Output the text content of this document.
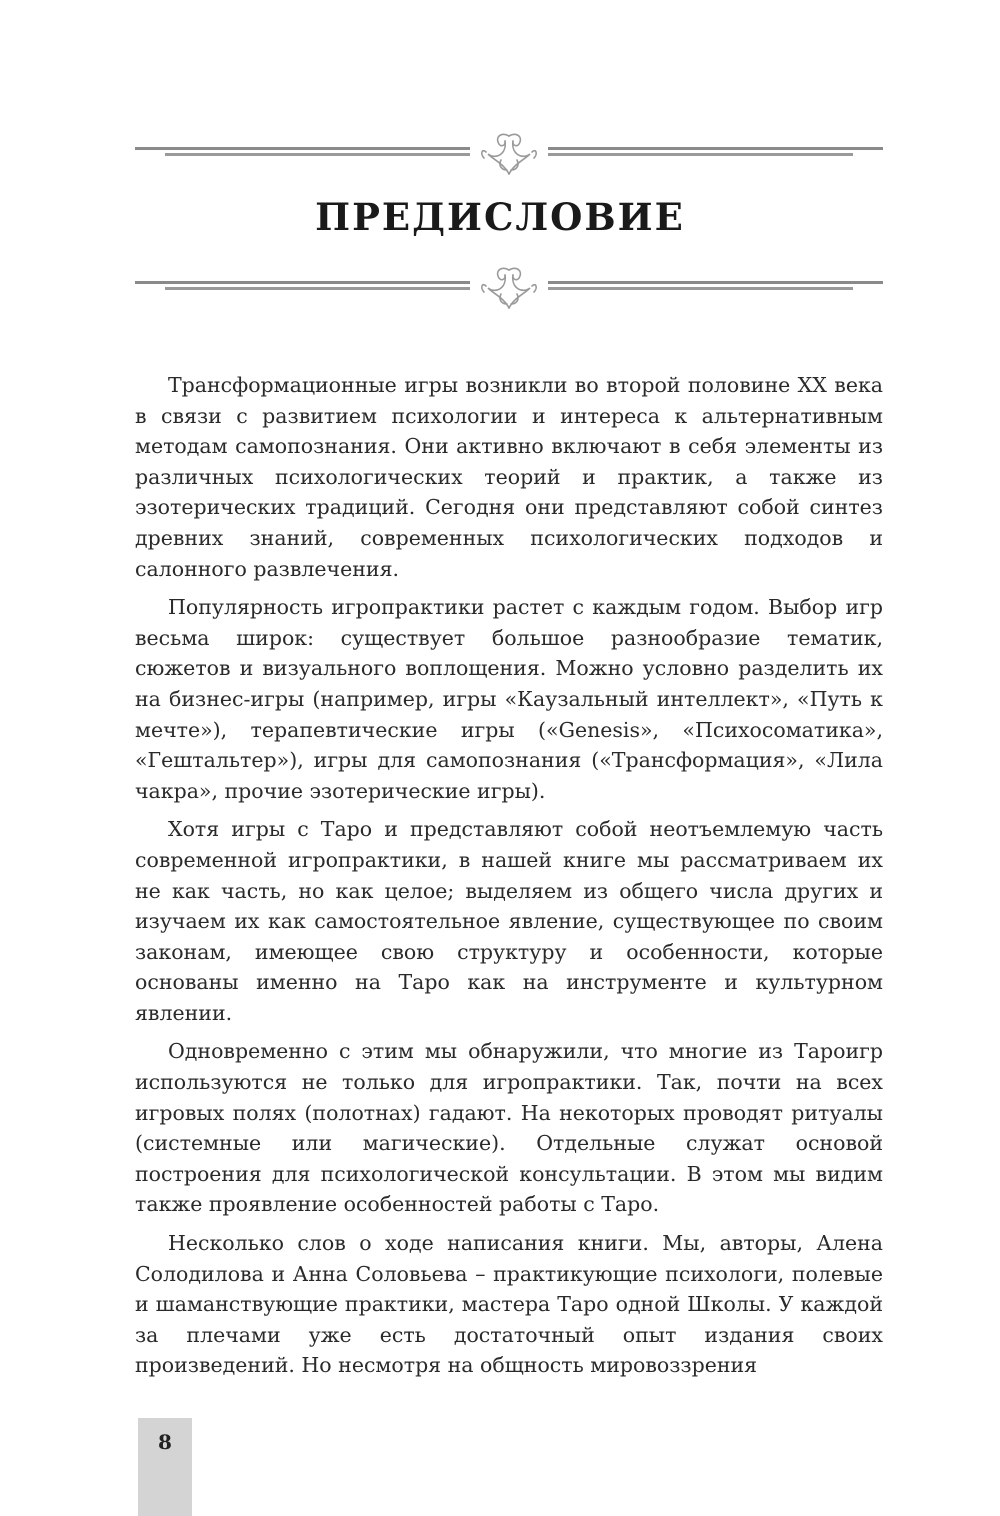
ПРЕДИСЛОВИЕ

Трансформационные игры возникли во второй половине XX века в связи с развитием психологии и интереса к альтернативным методам самопознания. Они активно включают в себя элементы из различных психологических теорий и практик, а также из эзотерических традиций. Сегодня они представляют собой синтез древних знаний, современных психологических подходов и салонного развлечения.

Популярность игропрактики растет с каждым годом. Выбор игр весьма широк: существует большое разнообразие тематик, сюжетов и визуального воплощения. Можно условно разделить их на бизнес-игры (например, игры «Каузальный интеллект», «Путь к мечте»), терапевтические игры («Genesis», «Психосоматика», «Гештальтер»), игры для самопознания («Трансформация», «Лила чакра», прочие эзотерические игры).

Хотя игры с Таро и представляют собой неотъемлемую часть современной игропрактики, в нашей книге мы рассматриваем их не как часть, но как целое; выделяем из общего числа других и изучаем их как самостоятельное явление, существующее по своим законам, имеющее свою структуру и особенности, которые основаны именно на Таро как на инструменте и культурном явлении.

Одновременно с этим мы обнаружили, что многие из Тароигр используются не только для игропрактики. Так, почти на всех игровых полях (полотнах) гадают. На некоторых проводят ритуалы (системные или магические). Отдельные служат основой построения для психологической консультации. В этом мы видим также проявление особенностей работы с Таро.

Несколько слов о ходе написания книги. Мы, авторы, Алена Солодилова и Анна Соловьева – практикующие психологи, полевые и шаманствующие практики, мастера Таро одной Школы. У каждой за плечами уже есть достаточный опыт издания своих произведений. Но несмотря на общность мировоззрения

8
